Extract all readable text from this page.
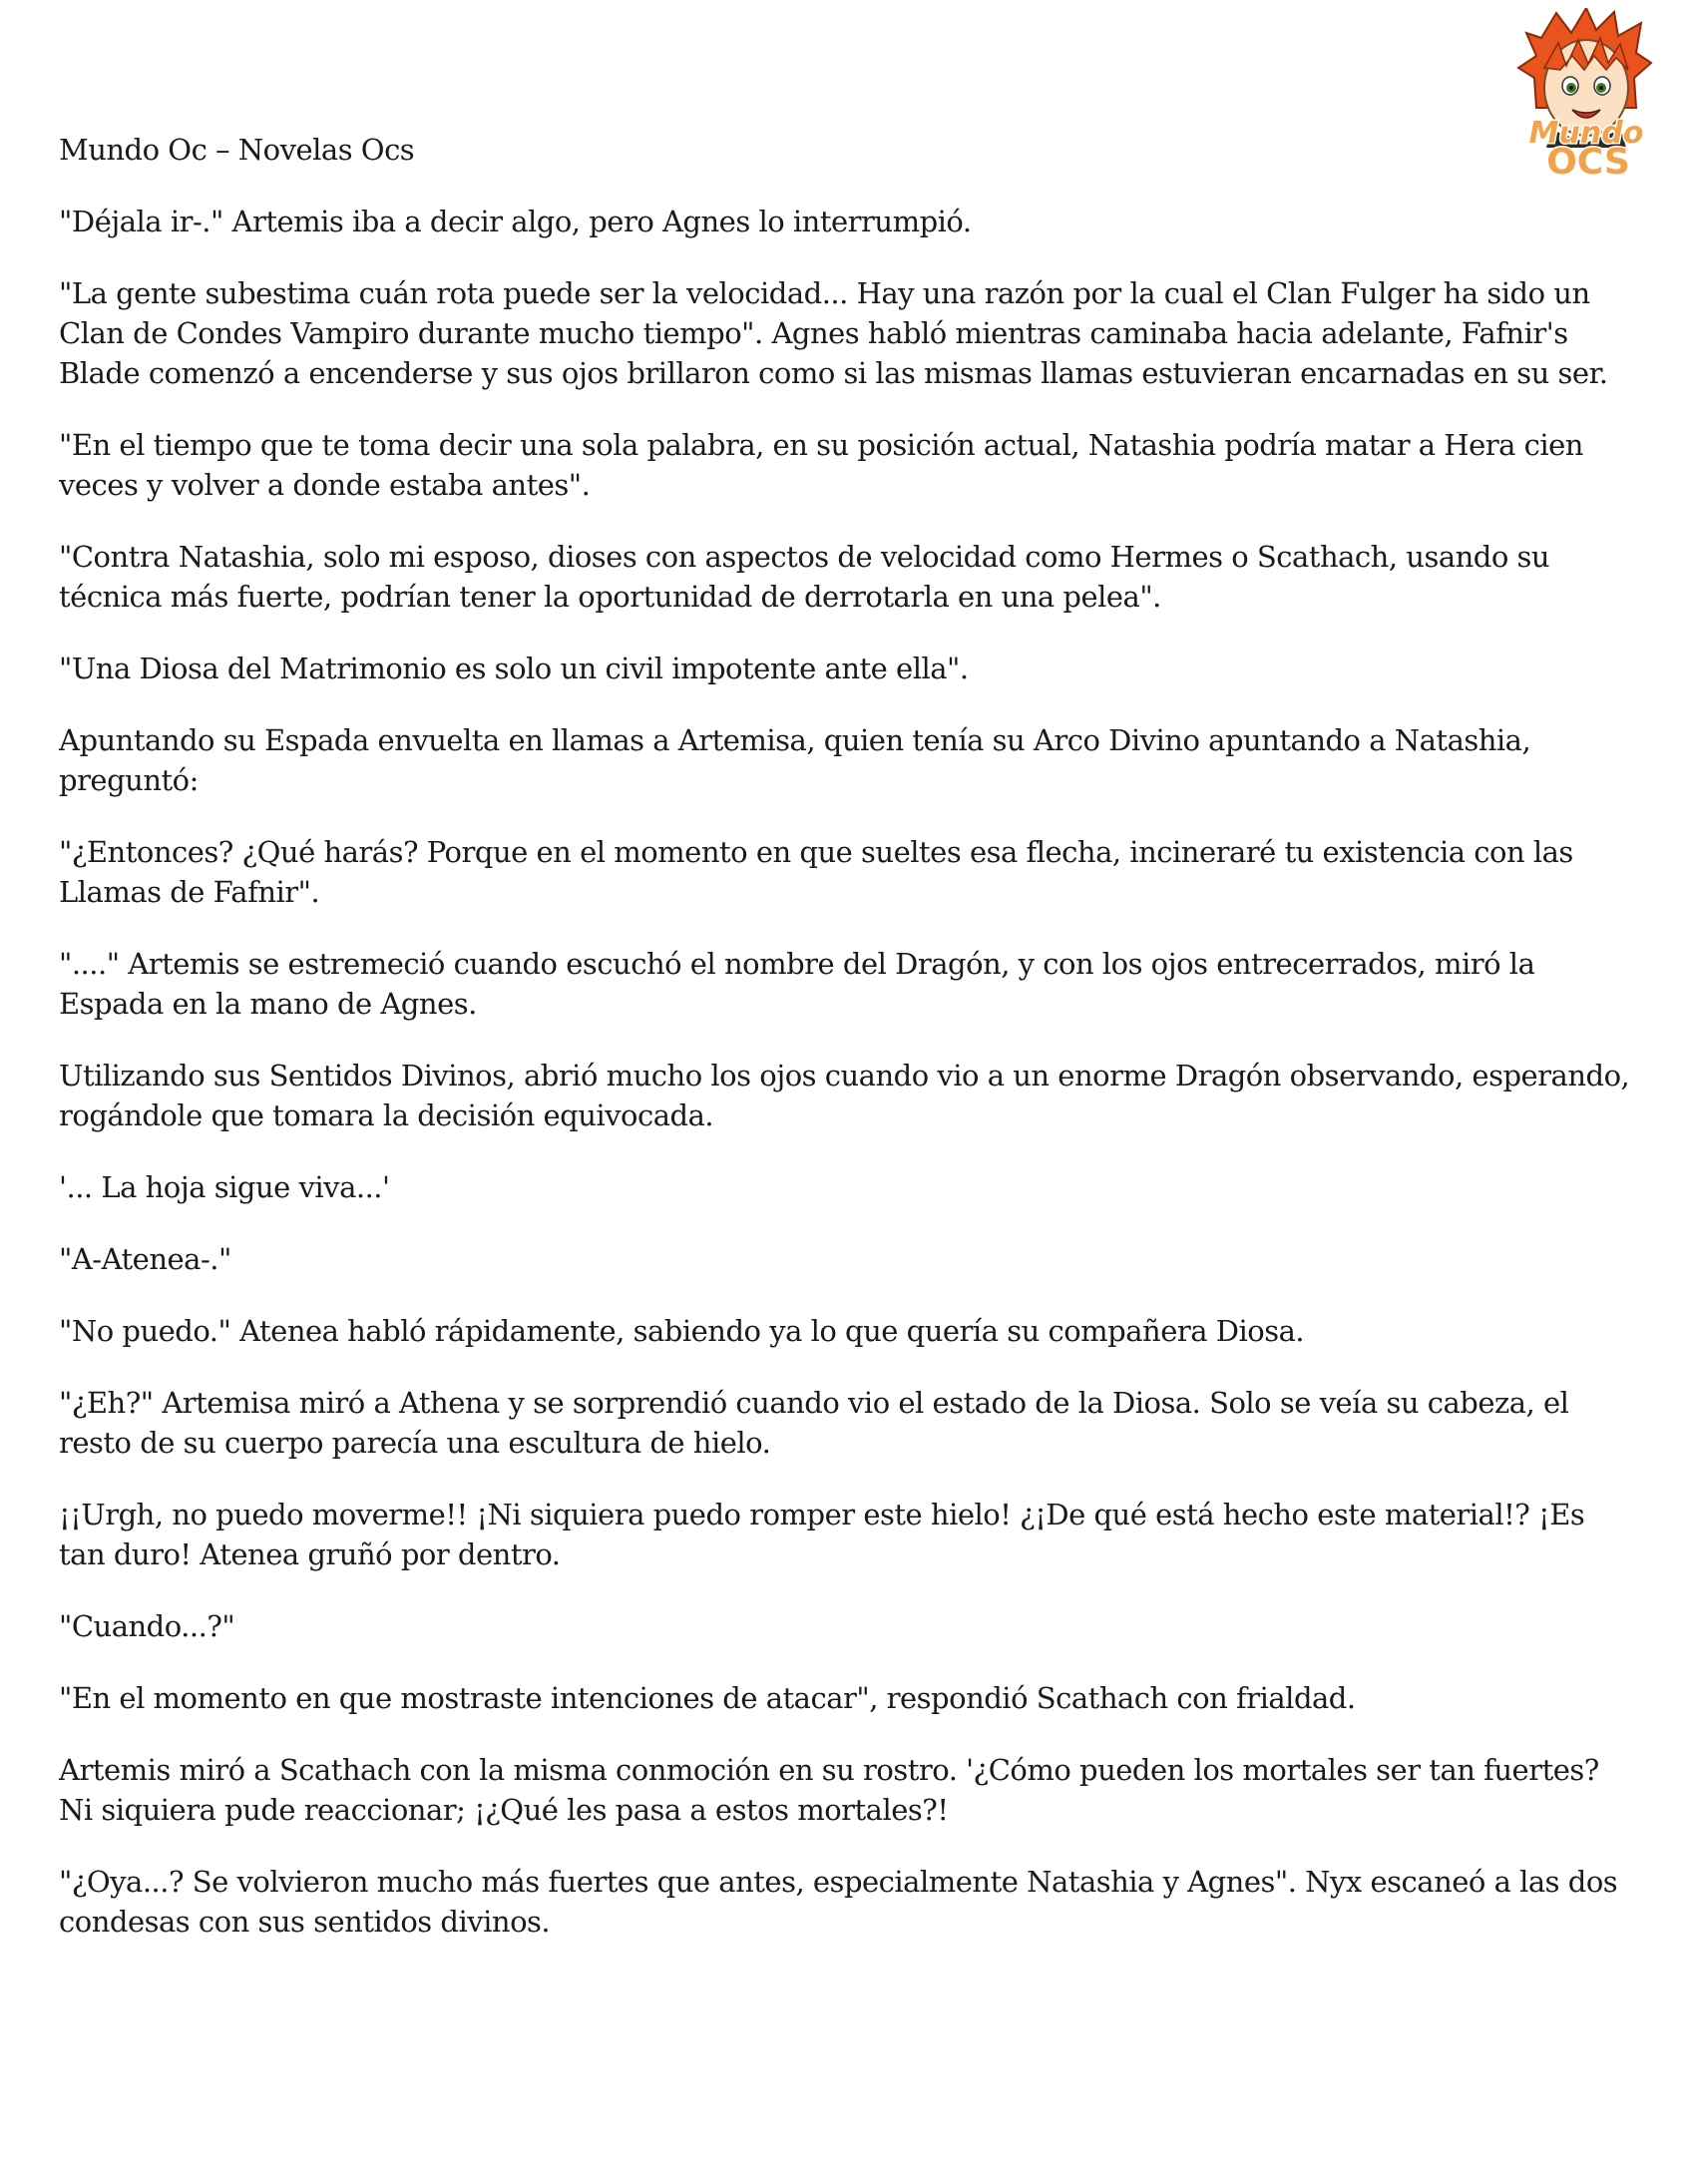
Mundo
OCS

Mundo Oc – Novelas Ocs

"Déjala ir-." Artemis iba a decir algo, pero Agnes lo interrumpió.

"La gente subestima cuán rota puede ser la velocidad... Hay una razón por la cual el Clan Fulger ha sido un Clan de Condes Vampiro durante mucho tiempo". Agnes habló mientras caminaba hacia adelante, Fafnir's Blade comenzó a encenderse y sus ojos brillaron como si las mismas llamas estuvieran encarnadas en su ser.

"En el tiempo que te toma decir una sola palabra, en su posición actual, Natashia podría matar a Hera cien veces y volver a donde estaba antes".

"Contra Natashia, solo mi esposo, dioses con aspectos de velocidad como Hermes o Scathach, usando su técnica más fuerte, podrían tener la oportunidad de derrotarla en una pelea".

"Una Diosa del Matrimonio es solo un civil impotente ante ella".

Apuntando su Espada envuelta en llamas a Artemisa, quien tenía su Arco Divino apuntando a Natashia, preguntó:

"¿Entonces? ¿Qué harás? Porque en el momento en que sueltes esa flecha, incineraré tu existencia con las Llamas de Fafnir".

"...." Artemis se estremeció cuando escuchó el nombre del Dragón, y con los ojos entrecerrados, miró la Espada en la mano de Agnes.

Utilizando sus Sentidos Divinos, abrió mucho los ojos cuando vio a un enorme Dragón observando, esperando, rogándole que tomara la decisión equivocada.

'... La hoja sigue viva...'

"A-Atenea-."

"No puedo." Atenea habló rápidamente, sabiendo ya lo que quería su compañera Diosa.

"¿Eh?" Artemisa miró a Athena y se sorprendió cuando vio el estado de la Diosa. Solo se veía su cabeza, el resto de su cuerpo parecía una escultura de hielo.

¡¡Urgh, no puedo moverme!! ¡Ni siquiera puedo romper este hielo! ¿¡De qué está hecho este material!? ¡Es tan duro! Atenea gruñó por dentro.

"Cuando...?"

"En el momento en que mostraste intenciones de atacar", respondió Scathach con frialdad.

Artemis miró a Scathach con la misma conmoción en su rostro. '¿Cómo pueden los mortales ser tan fuertes? Ni siquiera pude reaccionar; ¡¿Qué les pasa a estos mortales?!

"¿Oya...? Se volvieron mucho más fuertes que antes, especialmente Natashia y Agnes". Nyx escaneó a las dos condesas con sus sentidos divinos.
